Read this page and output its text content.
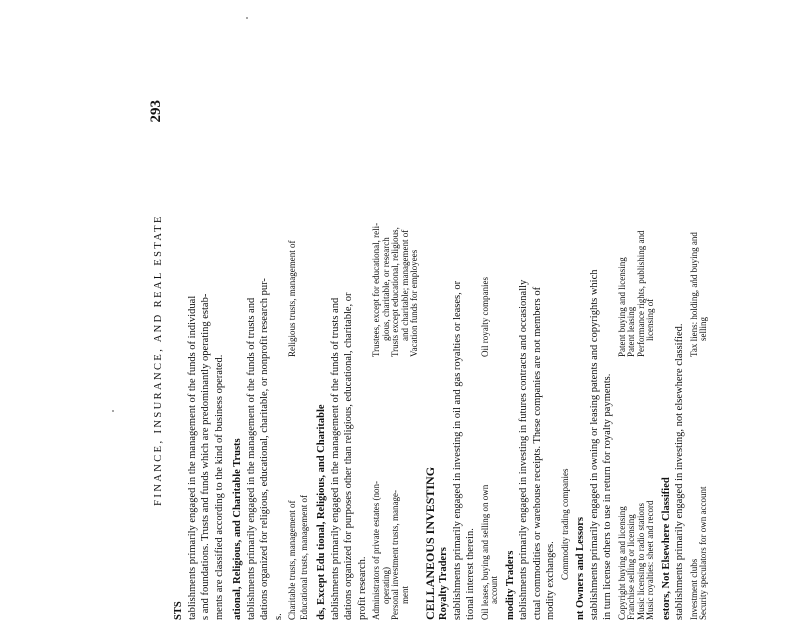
FINANCE, INSURANCE, AND REAL ESTATE
293

STS tablishments primarily engaged in the management of the funds of individual s and foundations. Trusts and funds which are predominantly operating estab- ments are classified according to the kind of business operated. ational, Religious, and Charitable Trusts tablishments primarily engaged in the management of the funds of trusts and dations organized for religious, educational, charitable, or nonprofit research pur- s. Charitable trusts, management of Educational trusts, management of
Religious trusts, management of

ds, Except Edu tional, Religious, and Charitable tablishments primarily engaged in the management of the funds of trusts and dations organized for purposes other than religious, educational, charitable, or profit research. Administrators of private estates (non- operating) Personal investment trusts, manage- ment
Trustees, except for educational, reli- gious, charitable, or research Trusts except educational, religious, and charitable; management of Vacation funds for employees

CELLANEOUS INVESTING Royalty Traders stablishments primarily engaged in investing in oil and gas royalties or leases, or tional interest therein. Oil leases, buying and selling on own account
Oil royalty companies

modity Traders tablishments primarily engaged in investing in futures contracts and occasionally ctual commodities or warehouse receipts. These companies are not members of modity exchanges.

Commodity trading companies nt Owners and Lessors stablishments primarily engaged in owning or leasing patents and copyrights which in turn license others to use in return for royalty payments. Copyright buying and licensing Franchise selling or licensing Music licensing to radio stations Music royalties: sheet and record
Patent buying and licensing Patent leasing Performance rights, publishing and licensing of

estors, Not Elsewhere Classified stablishments primarily engaged in investing, not elsewhere classified. Investment clubs Security speculators for own account
Tax liens: holding, and buying and selling
